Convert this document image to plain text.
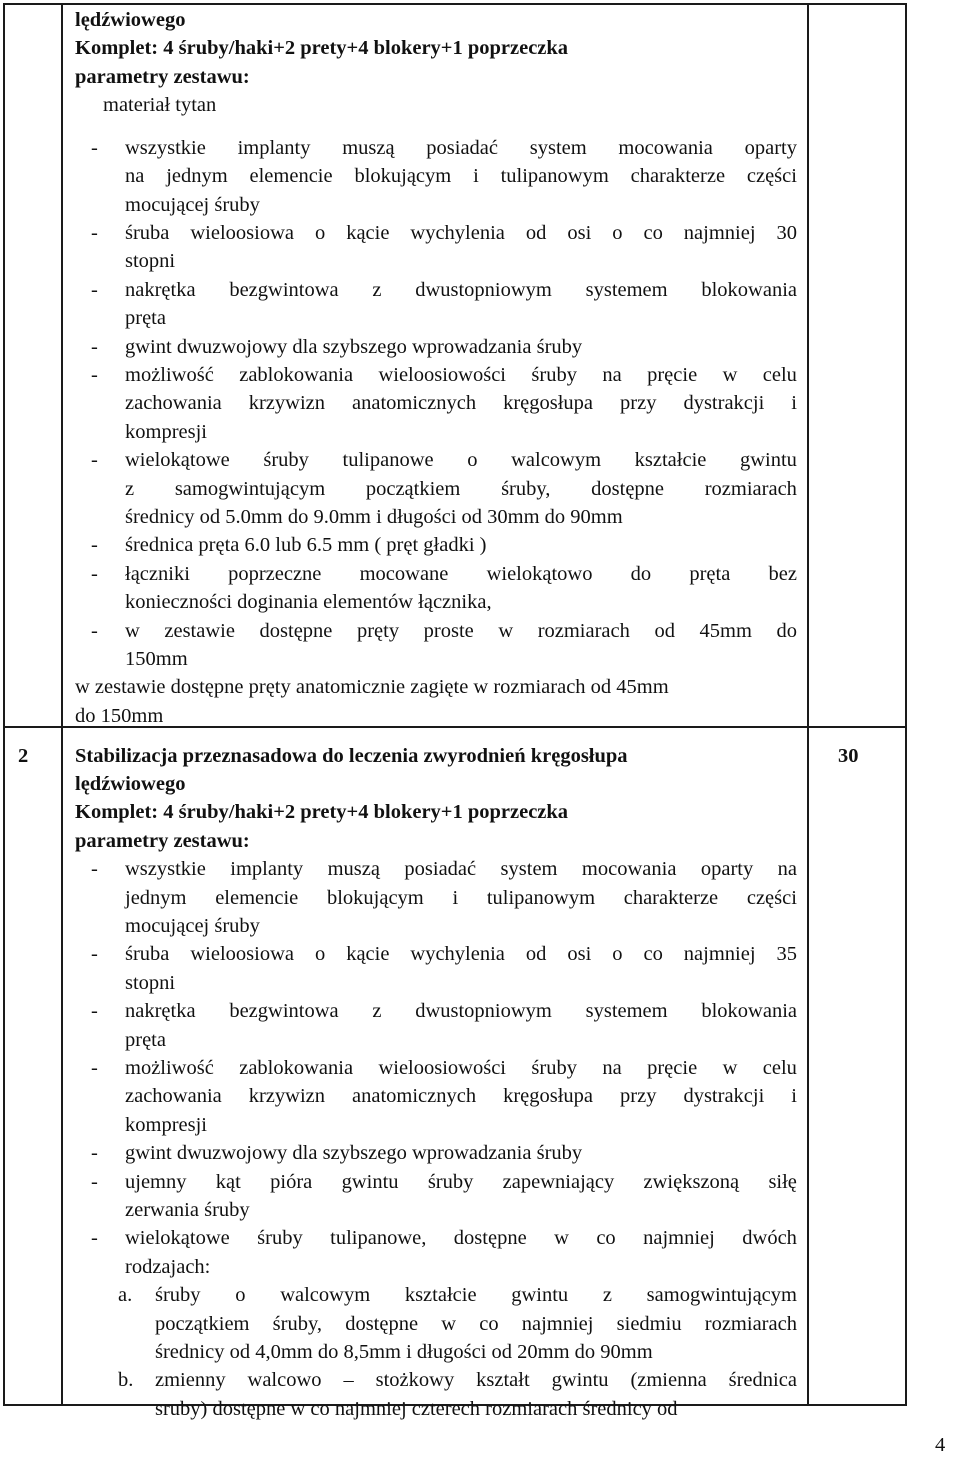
lędźwiowego
Komplet: 4 śruby/haki+2 prety+4 blokery+1 poprzeczka
parametry zestawu:
materiał tytan
- wszystkie implanty muszą posiadać system mocowania oparty
na jednym elemencie blokującym i tulipanowym charakterze części
mocującej śruby
- śruba wieloosiowa o kącie wychylenia od osi o co najmniej 30
stopni
- nakrętka bezgwintowa z dwustopniowym systemem blokowania
pręta
- gwint dwuzwojowy dla szybszego wprowadzania śruby
- możliwość zablokowania wieloosiowości śruby na pręcie w celu
zachowania krzywizn anatomicznych kręgosłupa przy dystrakcji i
kompresji
- wielokątowe śruby tulipanowe o walcowym kształcie gwintu
z samogwintującym początkiem śruby, dostępne rozmiarach
średnicy od 5.0mm do 9.0mm i długości od 30mm do 90mm
- średnica pręta 6.0 lub 6.5 mm ( pręt gładki )
- łączniki poprzeczne mocowane wielokątowo do pręta bez
konieczności doginania elementów łącznika,
- w zestawie dostępne pręty proste w rozmiarach od 45mm do
150mm
w zestawie dostępne pręty anatomicznie zagięte w rozmiarach od 45mm
do 150mm
2 Stabilizacja przeznasadowa do leczenia zwyrodnień kręgosłupa	30
lędźwiowego
Komplet: 4 śruby/haki+2 prety+4 blokery+1 poprzeczka
parametry zestawu:
- wszystkie implanty muszą posiadać system mocowania oparty na
jednym elemencie blokującym i tulipanowym charakterze części
mocującej śruby
- śruba wieloosiowa o kącie wychylenia od osi o co najmniej 35
stopni
- nakrętka bezgwintowa z dwustopniowym systemem blokowania
pręta
- możliwość zablokowania wieloosiowości śruby na pręcie w celu
zachowania krzywizn anatomicznych kręgosłupa przy dystrakcji i
kompresji
- gwint dwuzwojowy dla szybszego wprowadzania śruby
- ujemny kąt pióra gwintu śruby zapewniający zwiększoną siłę
zerwania śruby
- wielokątowe śruby tulipanowe, dostępne w co najmniej dwóch
rodzajach:
a. śruby o walcowym kształcie gwintu z samogwintującym
początkiem śruby, dostępne w co najmniej siedmiu rozmiarach
średnicy od 4,0mm do 8,5mm i długości od 20mm do 90mm
b. zmienny walcowo – stożkowy kształt gwintu (zmienna średnica
sruby) dostępne w co najmniej czterech rozmiarach średnicy od
4
